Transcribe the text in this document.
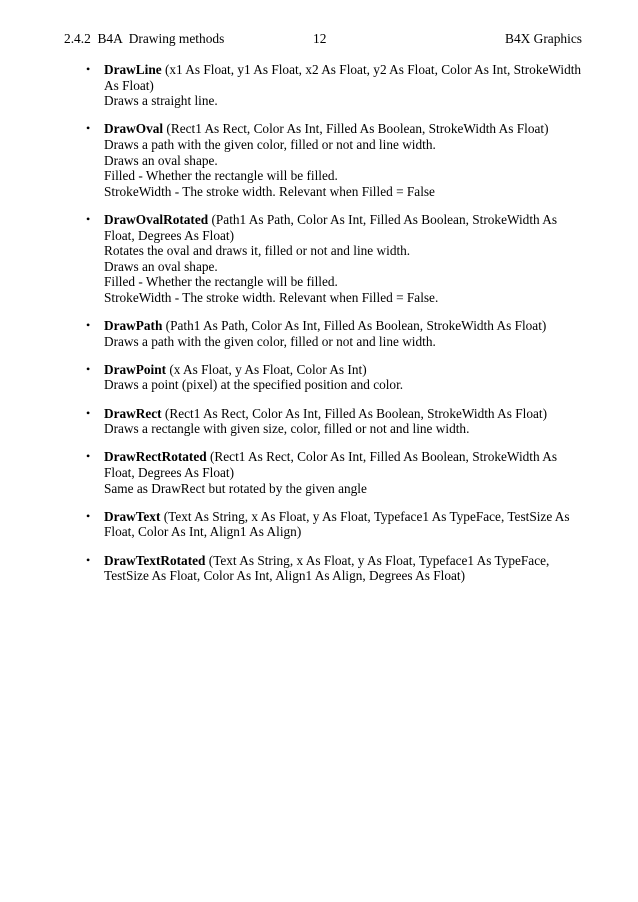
2.4.2  B4A  Drawing methods	12	B4X Graphics
• DrawLine (x1 As Float, y1 As Float, x2 As Float, y2 As Float, Color As Int, StrokeWidth As Float)
Draws a straight line.
• DrawOval (Rect1 As Rect, Color As Int, Filled As Boolean, StrokeWidth As Float)
Draws a path with the given color, filled or not and line width.
Draws an oval shape.
Filled - Whether the rectangle will be filled.
StrokeWidth - The stroke width. Relevant when Filled = False
• DrawOvalRotated (Path1 As Path, Color As Int, Filled As Boolean, StrokeWidth As Float, Degrees As Float)
Rotates the oval and draws it, filled or not and line width.
Draws an oval shape.
Filled - Whether the rectangle will be filled.
StrokeWidth - The stroke width. Relevant when Filled = False.
• DrawPath (Path1 As Path, Color As Int, Filled As Boolean, StrokeWidth As Float)
Draws a path with the given color, filled or not and line width.
• DrawPoint (x As Float, y As Float, Color As Int)
Draws a point (pixel) at the specified position and color.
• DrawRect (Rect1 As Rect, Color As Int, Filled As Boolean, StrokeWidth As Float)
Draws a rectangle with given size, color, filled or not and line width.
• DrawRectRotated (Rect1 As Rect, Color As Int, Filled As Boolean, StrokeWidth As Float, Degrees As Float)
Same as DrawRect but rotated by the given angle
• DrawText (Text As String, x As Float, y As Float, Typeface1 As TypeFace, TestSize As Float, Color As Int, Align1 As Align)
• DrawTextRotated (Text As String, x As Float, y As Float, Typeface1 As TypeFace, TestSize As Float, Color As Int, Align1 As Align, Degrees As Float)
